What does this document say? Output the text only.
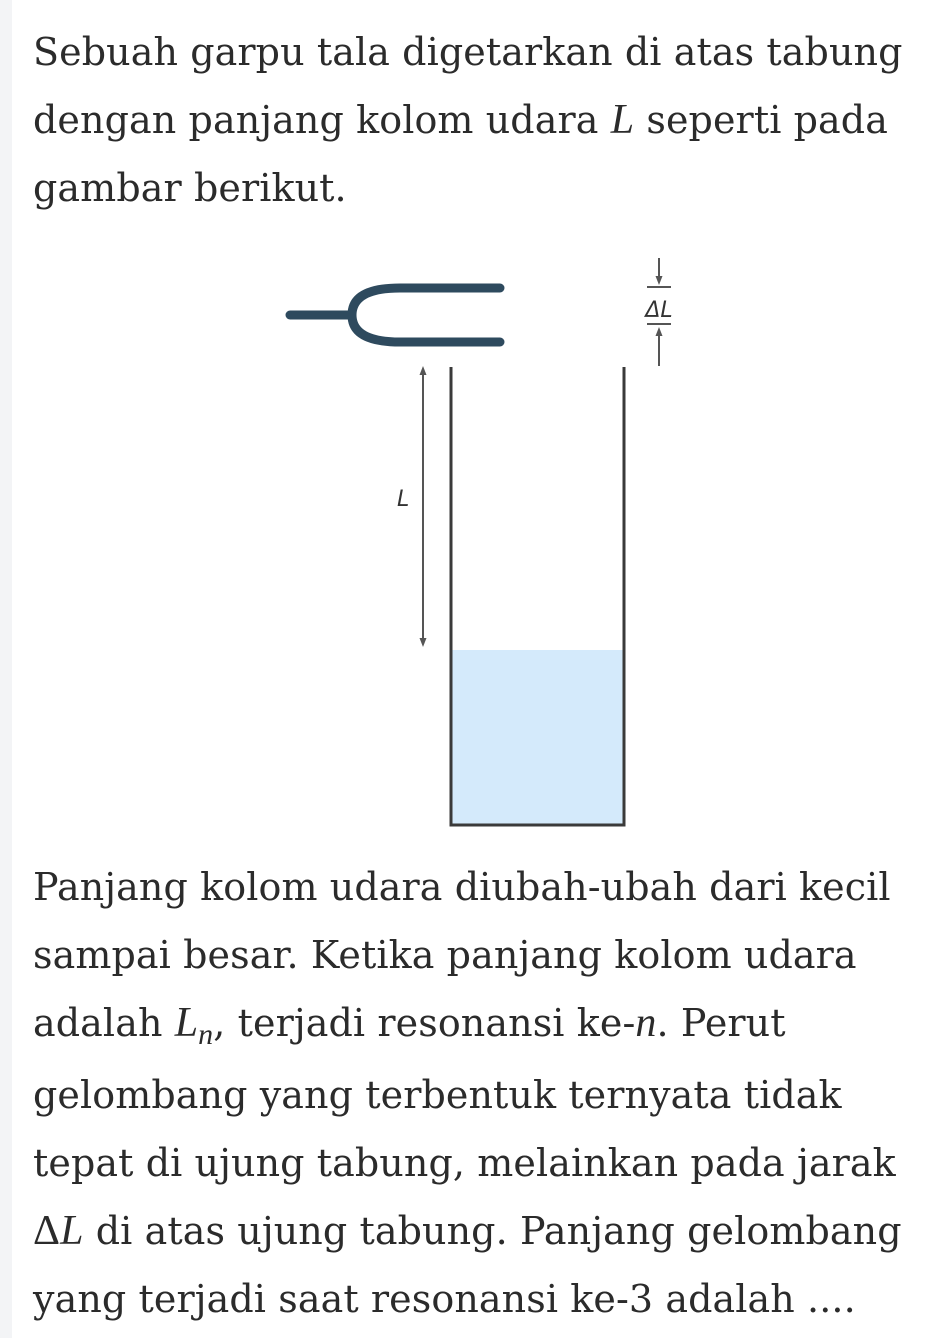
Sebuah garpu tala digetarkan di atas tabung
dengan panjang kolom udara L seperti pada
gambar berikut.

L
ΔL

Panjang kolom udara diubah-ubah dari kecil
sampai besar. Ketika panjang kolom udara
adalah $L_n$, terjadi resonansi ke-n. Perut
gelombang yang terbentuk ternyata tidak
tepat di ujung tabung, melainkan pada jarak
ΔL di atas ujung tabung. Panjang gelombang
yang terjadi saat resonansi ke-3 adalah ....
